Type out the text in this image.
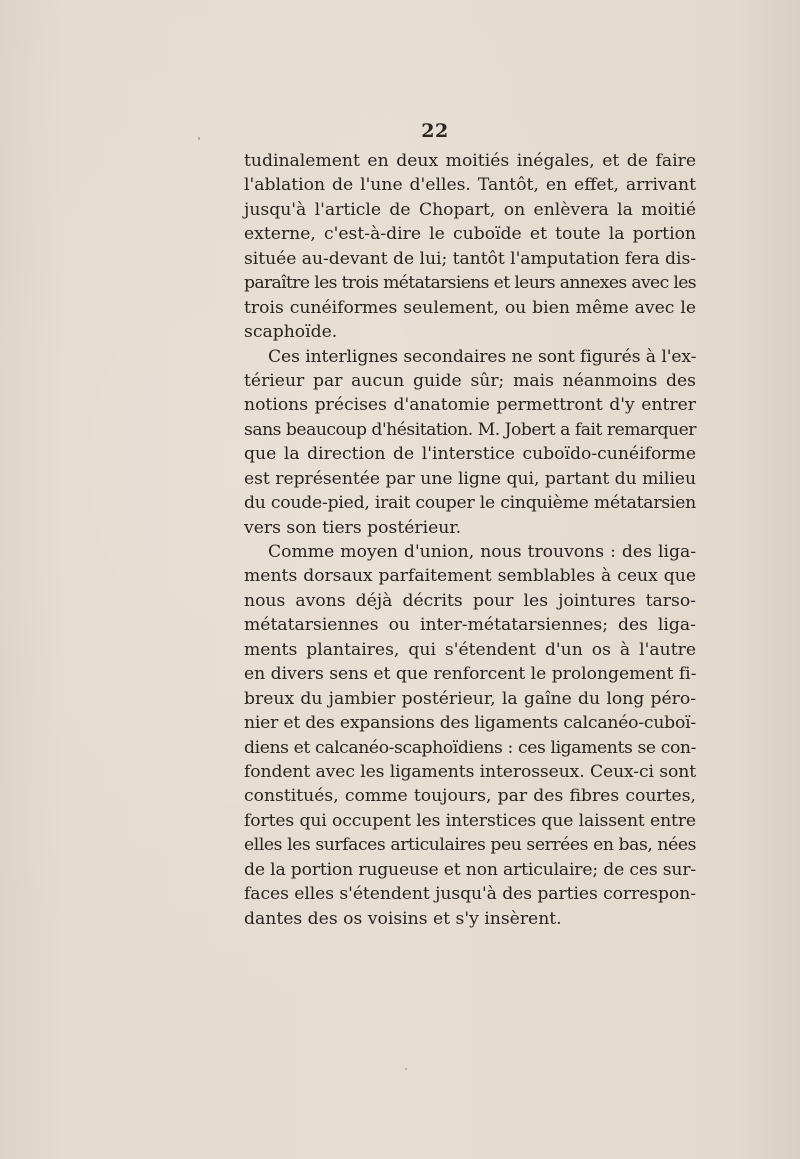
22
tudinalement en deux moitiés inégales, et de faire
l'ablation de l'une d'elles. Tantôt, en effet, arrivant
jusqu'à l'article de Chopart, on enlèvera la moitié
externe, c'est-à-dire le cuboïde et toute la portion
située au-devant de lui; tantôt l'amputation fera dis-
paraître les trois métatarsiens et leurs annexes avec les
trois cunéiformes seulement, ou bien même avec le
scaphoïde.
Ces interlignes secondaires ne sont figurés à l'ex-
térieur par aucun guide sûr; mais néanmoins des
notions précises d'anatomie permettront d'y entrer
sans beaucoup d'hésitation. M. Jobert a fait remarquer
que la direction de l'interstice cuboïdo-cunéiforme
est représentée par une ligne qui, partant du milieu
du coude-pied, irait couper le cinquième métatarsien
vers son tiers postérieur.
Comme moyen d'union, nous trouvons : des liga-
ments dorsaux parfaitement semblables à ceux que
nous avons déjà décrits pour les jointures tarso-
métatarsiennes ou inter-métatarsiennes; des liga-
ments plantaires, qui s'étendent d'un os à l'autre
en divers sens et que renforcent le prolongement fi-
breux du jambier postérieur, la gaîne du long péro-
nier et des expansions des ligaments calcanéo-cuboï-
diens et calcanéo-scaphoïdiens : ces ligaments se con-
fondent avec les ligaments interosseux. Ceux-ci sont
constitués, comme toujours, par des fibres courtes,
fortes qui occupent les interstices que laissent entre
elles les surfaces articulaires peu serrées en bas, nées
de la portion rugueuse et non articulaire; de ces sur-
faces elles s'étendent jusqu'à des parties correspon-
dantes des os voisins et s'y insèrent.
